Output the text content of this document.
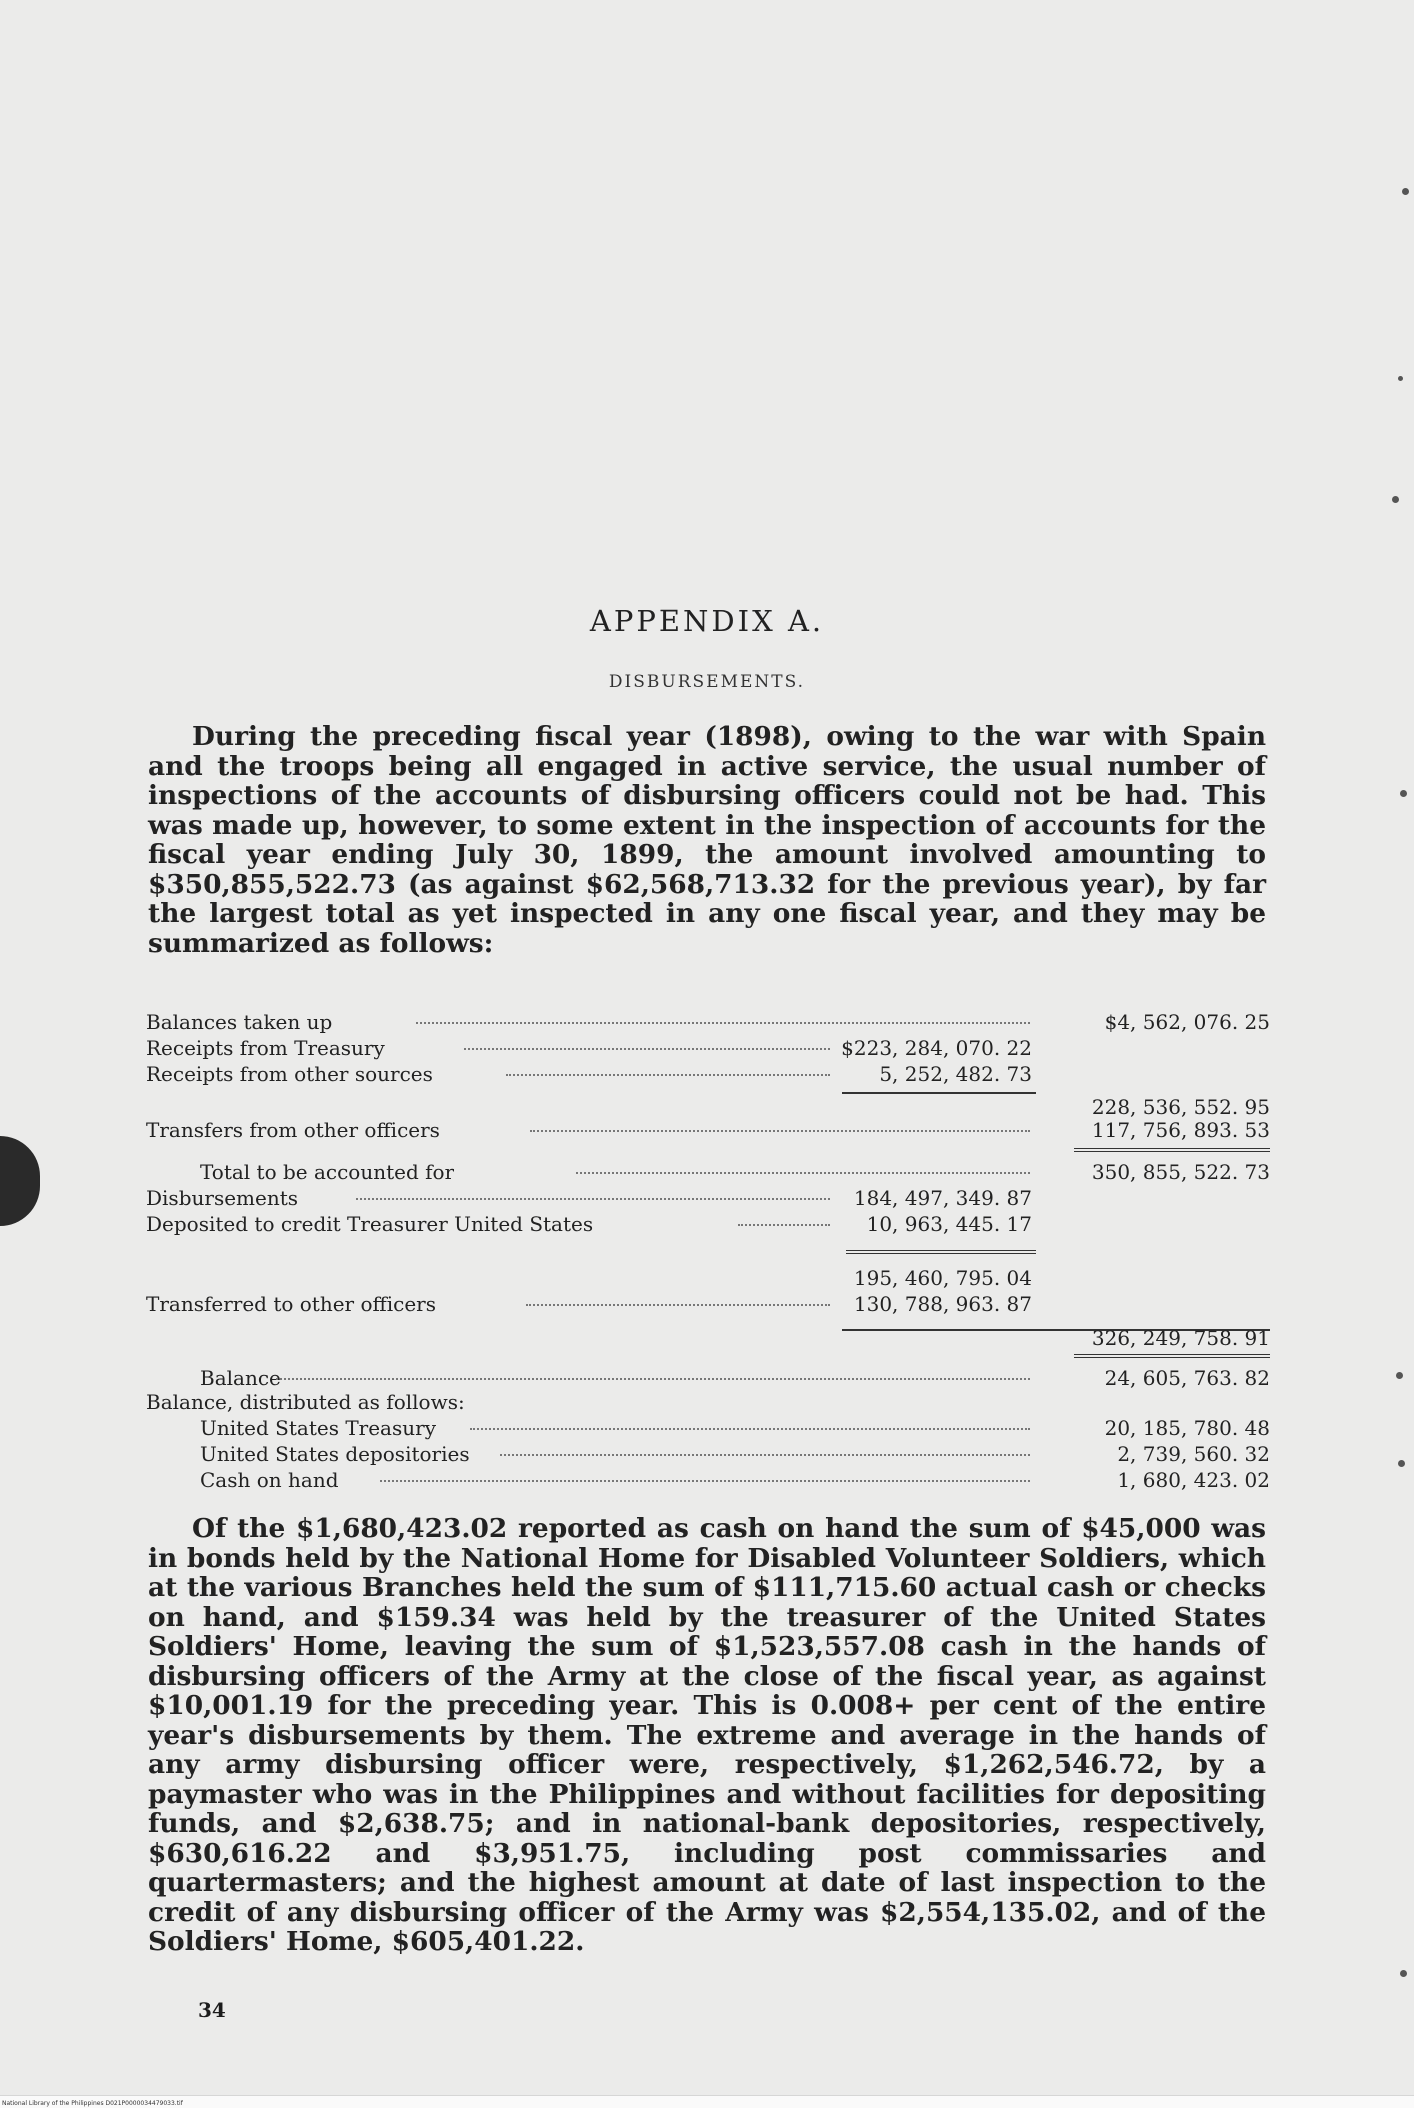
APPENDIX A.
DISBURSEMENTS.
During the preceding fiscal year (1898), owing to the war with Spain and the troops being all engaged in active service, the usual number of inspections of the accounts of disbursing officers could not be had. This was made up, however, to some extent in the inspection of accounts for the fiscal year ending July 30, 1899, the amount involved amounting to $350,855,522.73 (as against $62,568,713.32 for the previous year), by far the largest total as yet inspected in any one fiscal year, and they may be summarized as follows:
Balances taken up	$4, 562, 076. 25
Receipts from Treasury	$223, 284, 070. 22
Receipts from other sources	5, 252, 482. 73
228, 536, 552. 95
Transfers from other officers	117, 756, 893. 53
Total to be accounted for	350, 855, 522. 73
Disbursements	184, 497, 349. 87
Deposited to credit Treasurer United States	10, 963, 445. 17
195, 460, 795. 04
Transferred to other officers	130, 788, 963. 87
326, 249, 758. 91
Balance	24, 605, 763. 82
Balance, distributed as follows:
United States Treasury	20, 185, 780. 48
United States depositories	2, 739, 560. 32
Cash on hand	1, 680, 423. 02
Of the $1,680,423.02 reported as cash on hand the sum of $45,000 was in bonds held by the National Home for Disabled Volunteer Soldiers, which at the various Branches held the sum of $111,715.60 actual cash or checks on hand, and $159.34 was held by the treasurer of the United States Soldiers' Home, leaving the sum of $1,523,557.08 cash in the hands of disbursing officers of the Army at the close of the fiscal year, as against $10,001.19 for the preceding year. This is 0.008+ per cent of the entire year's disbursements by them. The extreme and average in the hands of any army disbursing officer were, respectively, $1,262,546.72, by a paymaster who was in the Philippines and without facilities for depositing funds, and $2,638.75; and in national-bank depositories, respectively, $630,616.22 and $3,951.75, including post commissaries and quartermasters; and the highest amount at date of last inspection to the credit of any disbursing officer of the Army was $2,554,135.02, and of the Soldiers' Home, $605,401.22.
34
National Library of the Philippines D021P0000034479033.tif
